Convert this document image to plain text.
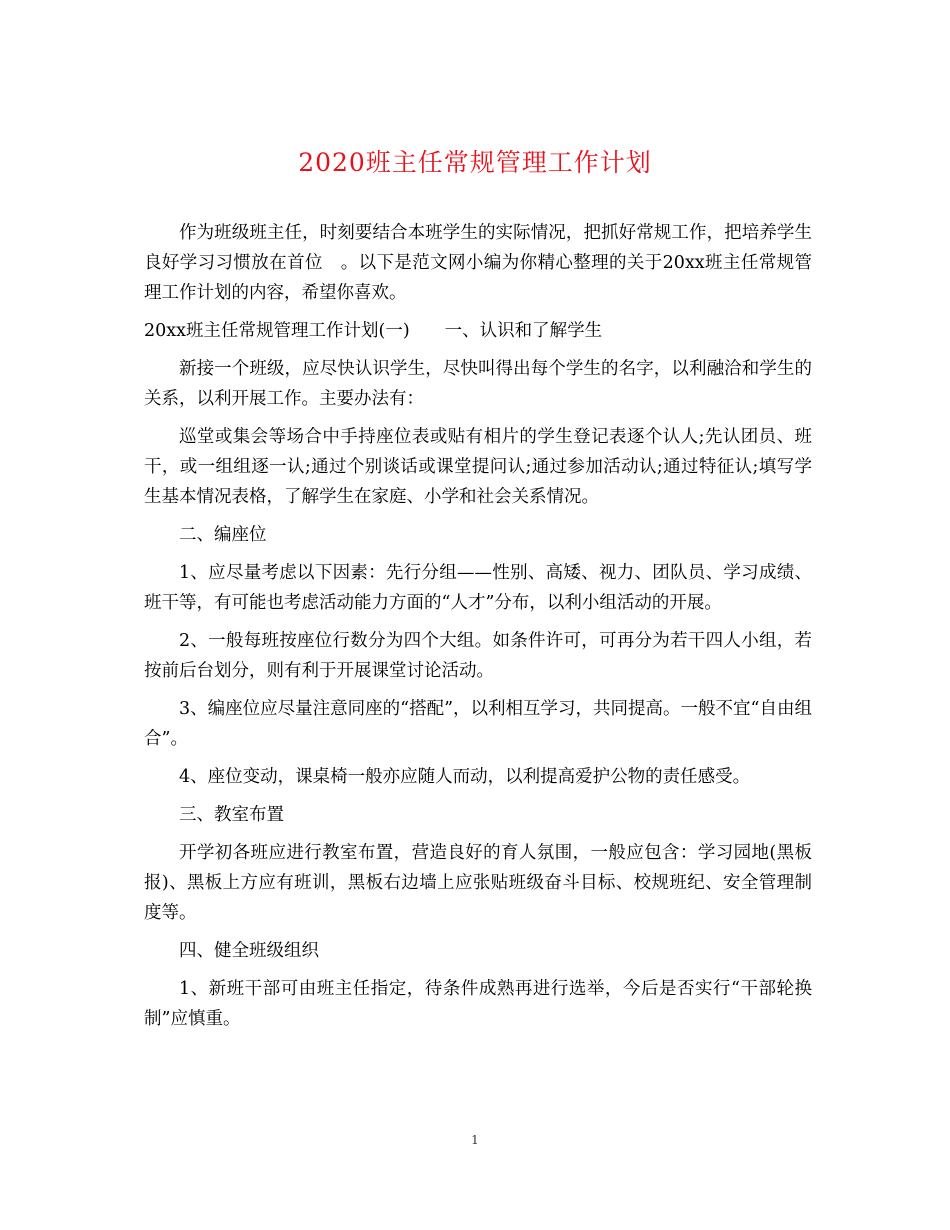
2020班主任常规管理工作计划

作为班级班主任，时刻要结合本班学生的实际情况，把抓好常规工作，把培养学生良好学习习惯放在首位　。以下是范文网小编为你精心整理的关于20xx班主任常规管理工作计划的内容，希望你喜欢。

20xx班主任常规管理工作计划(一)　　一、认识和了解学生

新接一个班级，应尽快认识学生，尽快叫得出每个学生的名字，以利融洽和学生的关系，以利开展工作。主要办法有：

巡堂或集会等场合中手持座位表或贴有相片的学生登记表逐个认人;先认团员、班干，或一组组逐一认;通过个别谈话或课堂提问认;通过参加活动认;通过特征认;填写学生基本情况表格，了解学生在家庭、小学和社会关系情况。

二、编座位

1、应尽量考虑以下因素：先行分组——性别、高矮、视力、团队员、学习成绩、班干等，有可能也考虑活动能力方面的“人才”分布，以利小组活动的开展。

2、一般每班按座位行数分为四个大组。如条件许可，可再分为若干四人小组，若按前后台划分，则有利于开展课堂讨论活动。

3、编座位应尽量注意同座的“搭配”，以利相互学习，共同提高。一般不宜“自由组合”。

4、座位变动，课桌椅一般亦应随人而动，以利提高爱护公物的责任感受。

三、教室布置

开学初各班应进行教室布置，营造良好的育人氛围，一般应包含：学习园地(黑板报)、黑板上方应有班训，黑板右边墙上应张贴班级奋斗目标、校规班纪、安全管理制度等。

四、健全班级组织

1、新班干部可由班主任指定，待条件成熟再进行选举，今后是否实行“干部轮换制”应慎重。

1
